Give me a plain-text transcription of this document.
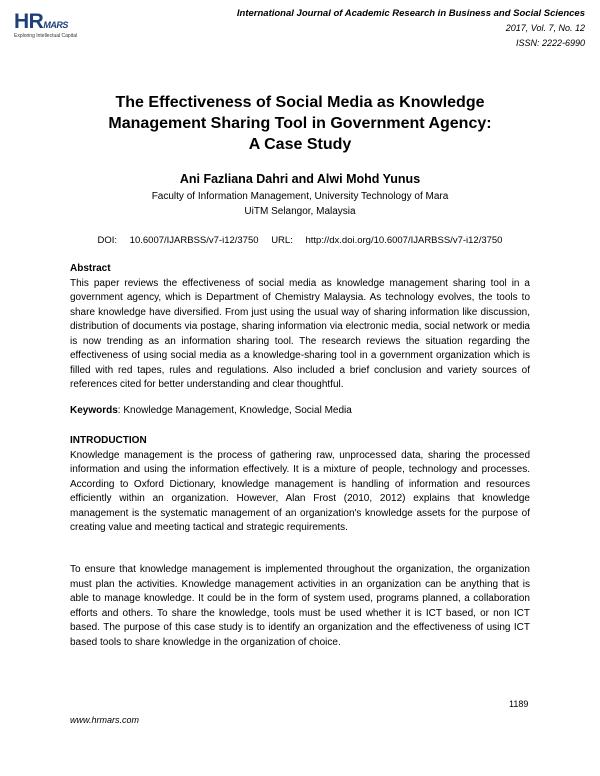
HRMARS
Exploring Intellectual Capital
International Journal of Academic Research in Business and Social Sciences
2017, Vol. 7, No. 12
ISSN: 2222-6990
The Effectiveness of Social Media as Knowledge
Management Sharing Tool in Government Agency:
A Case Study
Ani Fazliana Dahri and Alwi Mohd Yunus
Faculty of Information Management, University Technology of Mara
UiTM Selangor, Malaysia
DOI: 10.6007/IJARBSS/v7-i12/3750 URL: http://dx.doi.org/10.6007/IJARBSS/v7-i12/3750
Abstract

This paper reviews the effectiveness of social media as knowledge management sharing tool in a government agency, which is Department of Chemistry Malaysia. As technology evolves, the tools to share knowledge have diversified. From just using the usual way of sharing information like discussion, distribution of documents via postage, sharing information via electronic media, social network or media is now trending as an information sharing tool. The research reviews the situation regarding the effectiveness of using social media as a knowledge-sharing tool in a government organization which is filled with red tapes, rules and regulations. Also included a brief conclusion and variety sources of references cited for better understanding and clear thoughtful.

Keywords: Knowledge Management, Knowledge, Social Media
INTRODUCTION

Knowledge management is the process of gathering raw, unprocessed data, sharing the processed information and using the information effectively. It is a mixture of people, technology and processes. According to Oxford Dictionary, knowledge management is handling of information and resources efficiently within an organization. However, Alan Frost (2010, 2012) explains that knowledge management is the systematic management of an organization's knowledge assets for the purpose of creating value and meeting tactical and strategic requirements.

To ensure that knowledge management is implemented throughout the organization, the organization must plan the activities. Knowledge management activities in an organization can be anything that is able to manage knowledge. It could be in the form of system used, programs planned, a collaboration efforts and others. To share the knowledge, tools must be used whether it is ICT based, or non ICT based. The purpose of this case study is to identify an organization and the effectiveness of using ICT based tools to share knowledge in the organization of choice.

1189
www.hrmars.com
